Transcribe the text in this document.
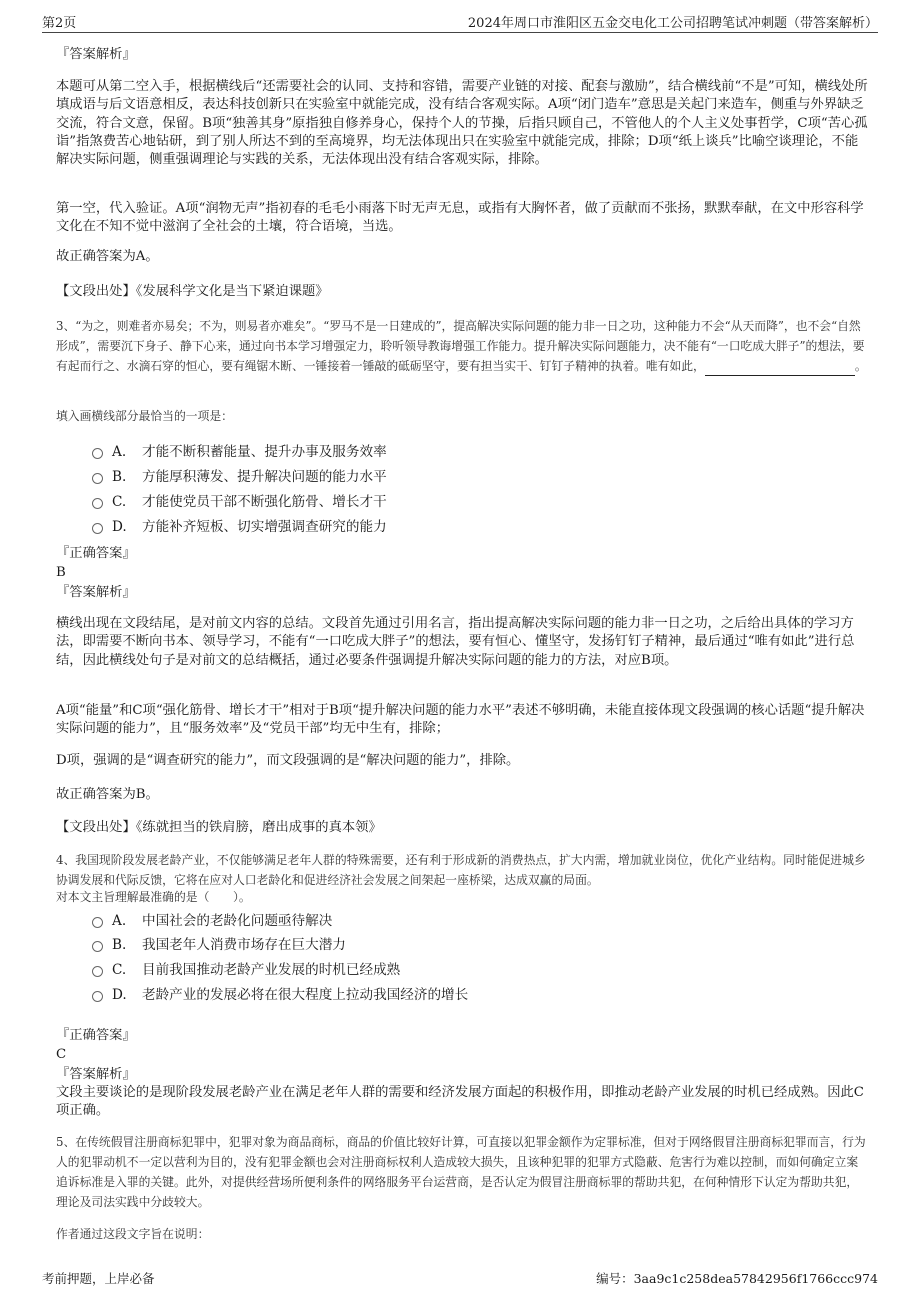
第2页	2024年周口市淮阳区五金交电化工公司招聘笔试冲刺题（带答案解析）

『答案解析』

本题可从第二空入手，根据横线后“还需要社会的认同、支持和容错，需要产业链的对接、配套与激励”，结合横线前“不是”可知，横线处所填成语与后文语意相反，表达科技创新只在实验室中就能完成，没有结合客观实际。A项“闭门造车”意思是关起门来造车，侧重与外界缺乏交流，符合文意，保留。B项“独善其身”原指独自修养身心，保持个人的节操，后指只顾自己，不管他人的个人主义处事哲学，C项“苦心孤诣”指煞费苦心地钻研，到了别人所达不到的至高境界，均无法体现出只在实验室中就能完成，排除；D项“纸上谈兵”比喻空谈理论，不能解决实际问题，侧重强调理论与实践的关系，无法体现出没有结合客观实际，排除。

第一空，代入验证。A项“润物无声”指初春的毛毛小雨落下时无声无息，或指有大胸怀者，做了贡献而不张扬，默默奉献，在文中形容科学文化在不知不觉中滋润了全社会的土壤，符合语境，当选。

故正确答案为A。

【文段出处】《发展科学文化是当下紧迫课题》

3、“为之，则难者亦易矣；不为，则易者亦难矣”。“罗马不是一日建成的”，提高解决实际问题的能力非一日之功，这种能力不会“从天而降”，也不会“自然形成”，需要沉下身子、静下心来，通过向书本学习增强定力，聆听领导教诲增强工作能力。提升解决实际问题能力，决不能有“一口吃成大胖子”的想法，要有起而行之、水滴石穿的恒心，要有绳锯木断、一锤接着一锤敲的砥砺坚守，要有担当实干、钉钉子精神的执着。唯有如此，	。

填入画横线部分最恰当的一项是：

A.	才能不断积蓄能量、提升办事及服务效率
B.	方能厚积薄发、提升解决问题的能力水平
C.	才能使党员干部不断强化筋骨、增长才干
D.	方能补齐短板、切实增强调查研究的能力

『正确答案』

B

『答案解析』

横线出现在文段结尾，是对前文内容的总结。文段首先通过引用名言，指出提高解决实际问题的能力非一日之功，之后给出具体的学习方法，即需要不断向书本、领导学习，不能有“一口吃成大胖子”的想法，要有恒心、懂坚守，发扬钉钉子精神，最后通过“唯有如此”进行总结，因此横线处句子是对前文的总结概括，通过必要条件强调提升解决实际问题的能力的方法，对应B项。

A项“能量”和C项“强化筋骨、增长才干”相对于B项“提升解决问题的能力水平”表述不够明确，未能直接体现文段强调的核心话题“提升解决实际问题的能力”，且“服务效率”及“党员干部”均无中生有，排除；

D项，强调的是“调查研究的能力”，而文段强调的是“解决问题的能力”，排除。

故正确答案为B。

【文段出处】《练就担当的铁肩膀，磨出成事的真本领》

4、我国现阶段发展老龄产业，不仅能够满足老年人群的特殊需要，还有利于形成新的消费热点，扩大内需，增加就业岗位，优化产业结构。同时能促进城乡协调发展和代际反馈，它将在应对人口老龄化和促进经济社会发展之间架起一座桥梁，达成双赢的局面。

对本文主旨理解最准确的是（　　）。

A.	中国社会的老龄化问题亟待解决
B.	我国老年人消费市场存在巨大潜力
C.	目前我国推动老龄产业发展的时机已经成熟
D.	老龄产业的发展必将在很大程度上拉动我国经济的增长

『正确答案』

C

『答案解析』

文段主要谈论的是现阶段发展老龄产业在满足老年人群的需要和经济发展方面起的积极作用，即推动老龄产业发展的时机已经成熟。因此C项正确。

5、在传统假冒注册商标犯罪中，犯罪对象为商品商标，商品的价值比较好计算，可直接以犯罪金额作为定罪标准，但对于网络假冒注册商标犯罪而言，行为人的犯罪动机不一定以营利为目的，没有犯罪金额也会对注册商标权利人造成较大损失，且该种犯罪的犯罪方式隐蔽、危害行为难以控制，而如何确定立案追诉标准是入罪的关键。此外，对提供经营场所便利条件的网络服务平台运营商，是否认定为假冒注册商标罪的帮助共犯，在何种情形下认定为帮助共犯，理论及司法实践中分歧较大。

作者通过这段文字旨在说明：

考前押题，上岸必备	编号：3aa9c1c258dea57842956f1766ccc974
